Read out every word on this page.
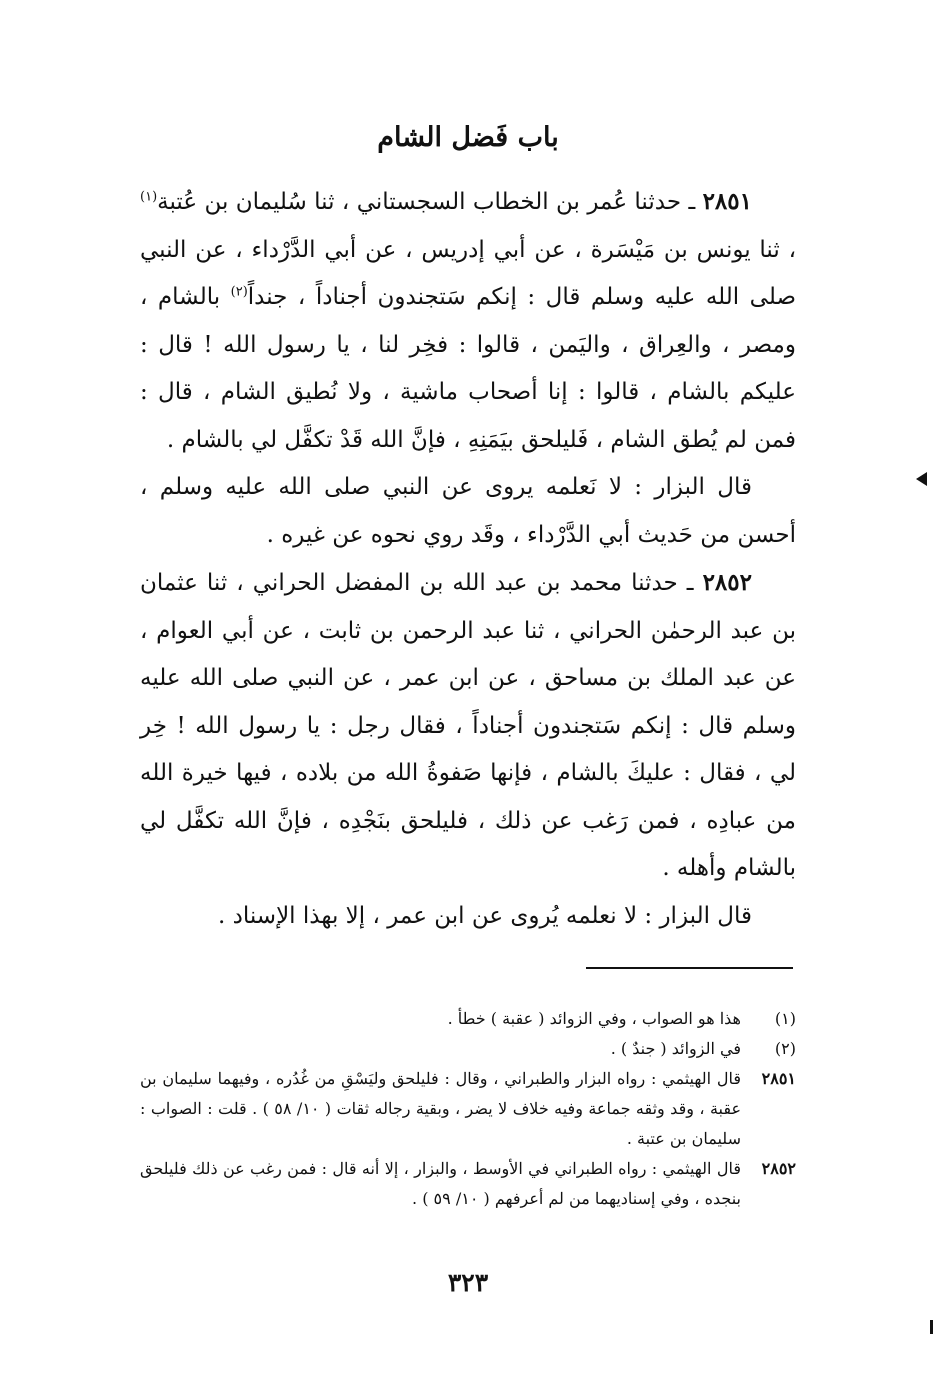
باب فَضل الشام

٢٨٥١ ـ حدثنا عُمر بن الخطاب السجستاني ، ثنا سُليمان بن عُتبة$^{(١)}$ ، ثنا يونس بن مَيْسَرة ، عن أبي إدريس ، عن أبي الدَّرْداء ، عن النبي صلى الله عليه وسلم قال : إنكم سَتجندون أجناداً ، جنداً$^{(٢)}$ بالشام ، ومصر ، والعِراق ، واليَمن ، قالوا : فخِر لنا ، يا رسول الله ! قال : عليكم بالشام ، قالوا : إنا أصحاب ماشية ، ولا نُطيق الشام ، قال : فمن لم يُطق الشام ، فَليلحق بيَمَنِهِ ، فإنَّ الله قَدْ تكفَّل لي بالشام .

قال البزار : لا نَعلمه يروى عن النبي صلى الله عليه وسلم ، أحسن من حَديث أبي الدَّرْداء ، وقَد روي نحوه عن غيره .

٢٨٥٢ ـ حدثنا محمد بن عبد الله بن المفضل الحراني ، ثنا عثمان بن عبد الرحمٰن الحراني ، ثنا عبد الرحمن بن ثابت ، عن أبي العوام ، عن عبد الملك بن مساحق ، عن ابن عمر ، عن النبي صلى الله عليه وسلم قال : إنكم سَتجندون أجناداً ، فقال رجل : يا رسول الله ! خِر لي ، فقال : عليكَ بالشام ، فإنها صَفوةُ الله من بلاده ، فيها خيرة الله من عبادِه ، فمن رَغب عن ذلك ، فليلحق بنَجْدِه ، فإنَّ الله تكفَّل لي بالشام وأهله .

قال البزار : لا نعلمه يُروى عن ابن عمر ، إلا بهذا الإسناد .

(١)
هذا هو الصواب ، وفي الزوائد ( عقبة ) خطأ .
(٢)
في الزوائد ( جندٌ ) .
٢٨٥١
قال الهيثمي : رواه البزار والطبراني ، وقال : فليلحق وليَسْقِ من غُدُره ، وفيهما سليمان بن عقبة ، وقد وثقه جماعة وفيه خلاف لا يضر ، وبقية رجاله ثقات ( ١٠/ ٥٨ ) . قلت : الصواب : سليمان بن عتبة .
٢٨٥٢
قال الهيثمي : رواه الطبراني في الأوسط ، والبزار ، إلا أنه قال : فمن رغب عن ذلك فليلحق بنجده ، وفي إسناديهما من لم أعرفهم ( ١٠/ ٥٩ ) .
٣٢٣
